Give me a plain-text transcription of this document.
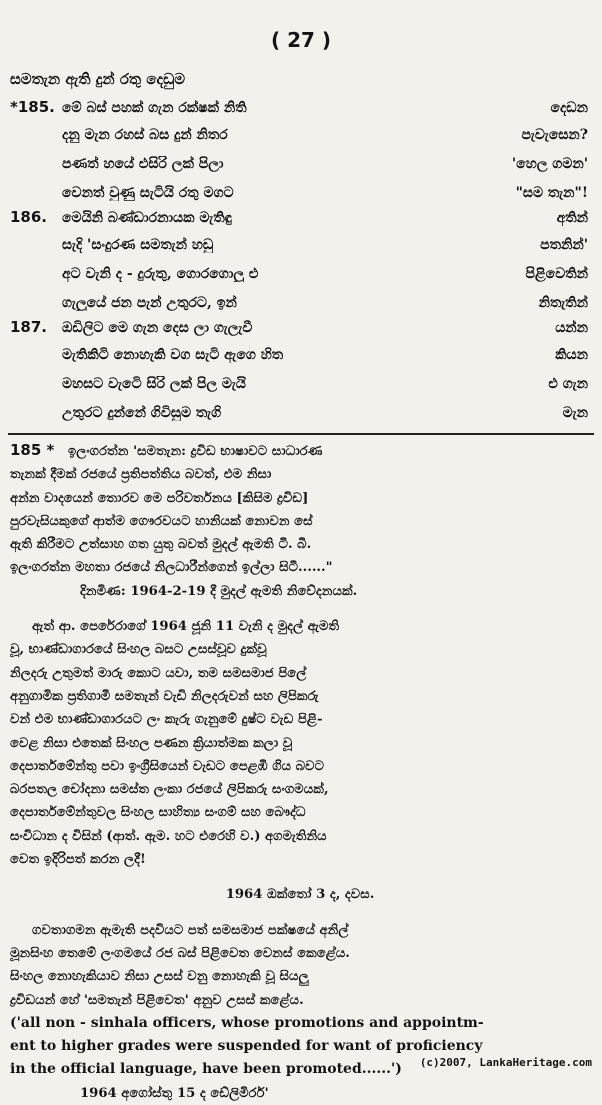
( 27 )
සමතැන ඇති දුන් රතු දෙඩුම
*185. මේ බස් පහක් ගැන රක්ෂක් නිති	දෙඩන
දනු මැන රහස් බස දුන් නිතර	පැවැසෙන?
පණත් හයේ එසිරි ලක් පිලා	'හෙල ගමන'
වෙනත් වුණු සැටියි රතු මගට	"සම තැන"!
186.	මෙයිනි බණ්ඩාරනායක මැතිඳු	අතින්
සැදි 'සංදුරණ සමතැන් හඩු	පතනින්'
අට වැනි ද - දුරුතු, ගොරගොලු එ	පිළිවෙතින්
ගැලුයේ ජන පැන් උතුරට, ඉන්	නිතැතින්
187.	ඔඩිලිට මෙ ගැන දෙස ලා ගැලැවී	යන්න
මැතිකිටි නොහැකි වග සැටි ඇගෙ හිත	කියන
මහසට වැටෙි සිරි ලක් පිල මැයි	එ ගැන
උතුරට දුන්නේ ගිවිසුම තැගි	මැන
185 *	ඉලංගරත්න 'සමතැන: ද්‍රවිඩ භාෂාවට සාධාරණ
තැනක් දීමක් රජයේ ප්‍රතිපත්තිය බවත්, එම නිසා
අන්න වාදයෙන් තොරව මෙ පරිවර්තනය [කිසිම ද්‍රවිඩ]
පුරවැසියකුගේ ආත්ම ගෞරවයට හානියක් නොවන සේ
ඇති කිරීමට උත්සාහ ගත යුතු බවත් මුදල් ඇමති ටී. බී.
ඉලංගරත්න මහතා රජයේ නිලධාරීන්ගෙන් ඉල්ලා සිටී......"
දිනමිණ: 1964-2-19 දී මුදල් ඇමති නිවේදනයක්.
ඇත් ආ. පෙරේරාගේ 1964 ජූනි 11 වැනි ද මුදල් ඇමති
වූ, භාණ්ඩාගාරයේ සිංහල බසට උසස්වූව දුක්වූ
නිලදරු උතුමත් මාරු කොට යවා, තම සමසමාජ පිලේ
අනුගාමික ප්‍රතිගාමී සමතැන් වැඩි නිලදරුවන් සහ ලිපිකරු
වන් එම භාණ්ඩාගාරයට ලං කැරු ගැනුමේ දුෂ්ට වැඩ පිළි-
වෙළ නිසා එතෙක් සිංහල පණන ක්‍රියාත්මක කලා වූ
දෙපාර්තමේන්තු පවා ඉංග්‍රීසියෙන් වැඩට පෙළඹී ගිය බවට
බරපතල චෝදනා සමස්ත ලංකා රජයේ ලිපිකරු සංගමයක්,
දෙපාර්තමේන්තුවල සිංහල සාහිත්‍ය සංගම් සහ බෞද්ධ
සංවිධාන ද විසින් (ආත්. ඇම. හට එරෙහි ව.) අගමැතිනිය
වෙත ඉදිරිපත් කරන ලදී!
1964 ඔක්තෝ 3 ද, දවස.
ගවතාගමන ඇමැති පදවියට පත් සමසමාජ පක්ෂයේ අනිල්
මූනසිංහ තෙමේ ලංගමයේ රජ බස් පිළිවෙත වෙනස් කෙළේය.
සිංහල නොහැකියාව නිසා උසස් වනු නොහැකි වූ සියලු
ද්‍රවිඩයන් හේ 'සමතැන් පිළිවෙත' අනුව උසස් කළේය.
('all non - sinhala officers, whose promotions and appointm-
ent to higher grades were suspended for want of proficiency
in the official language, have been promoted......')
1964 අගෝස්තු 15 ද ඩේලිමිරර්'
(c)2007, LankaHeritage.com
